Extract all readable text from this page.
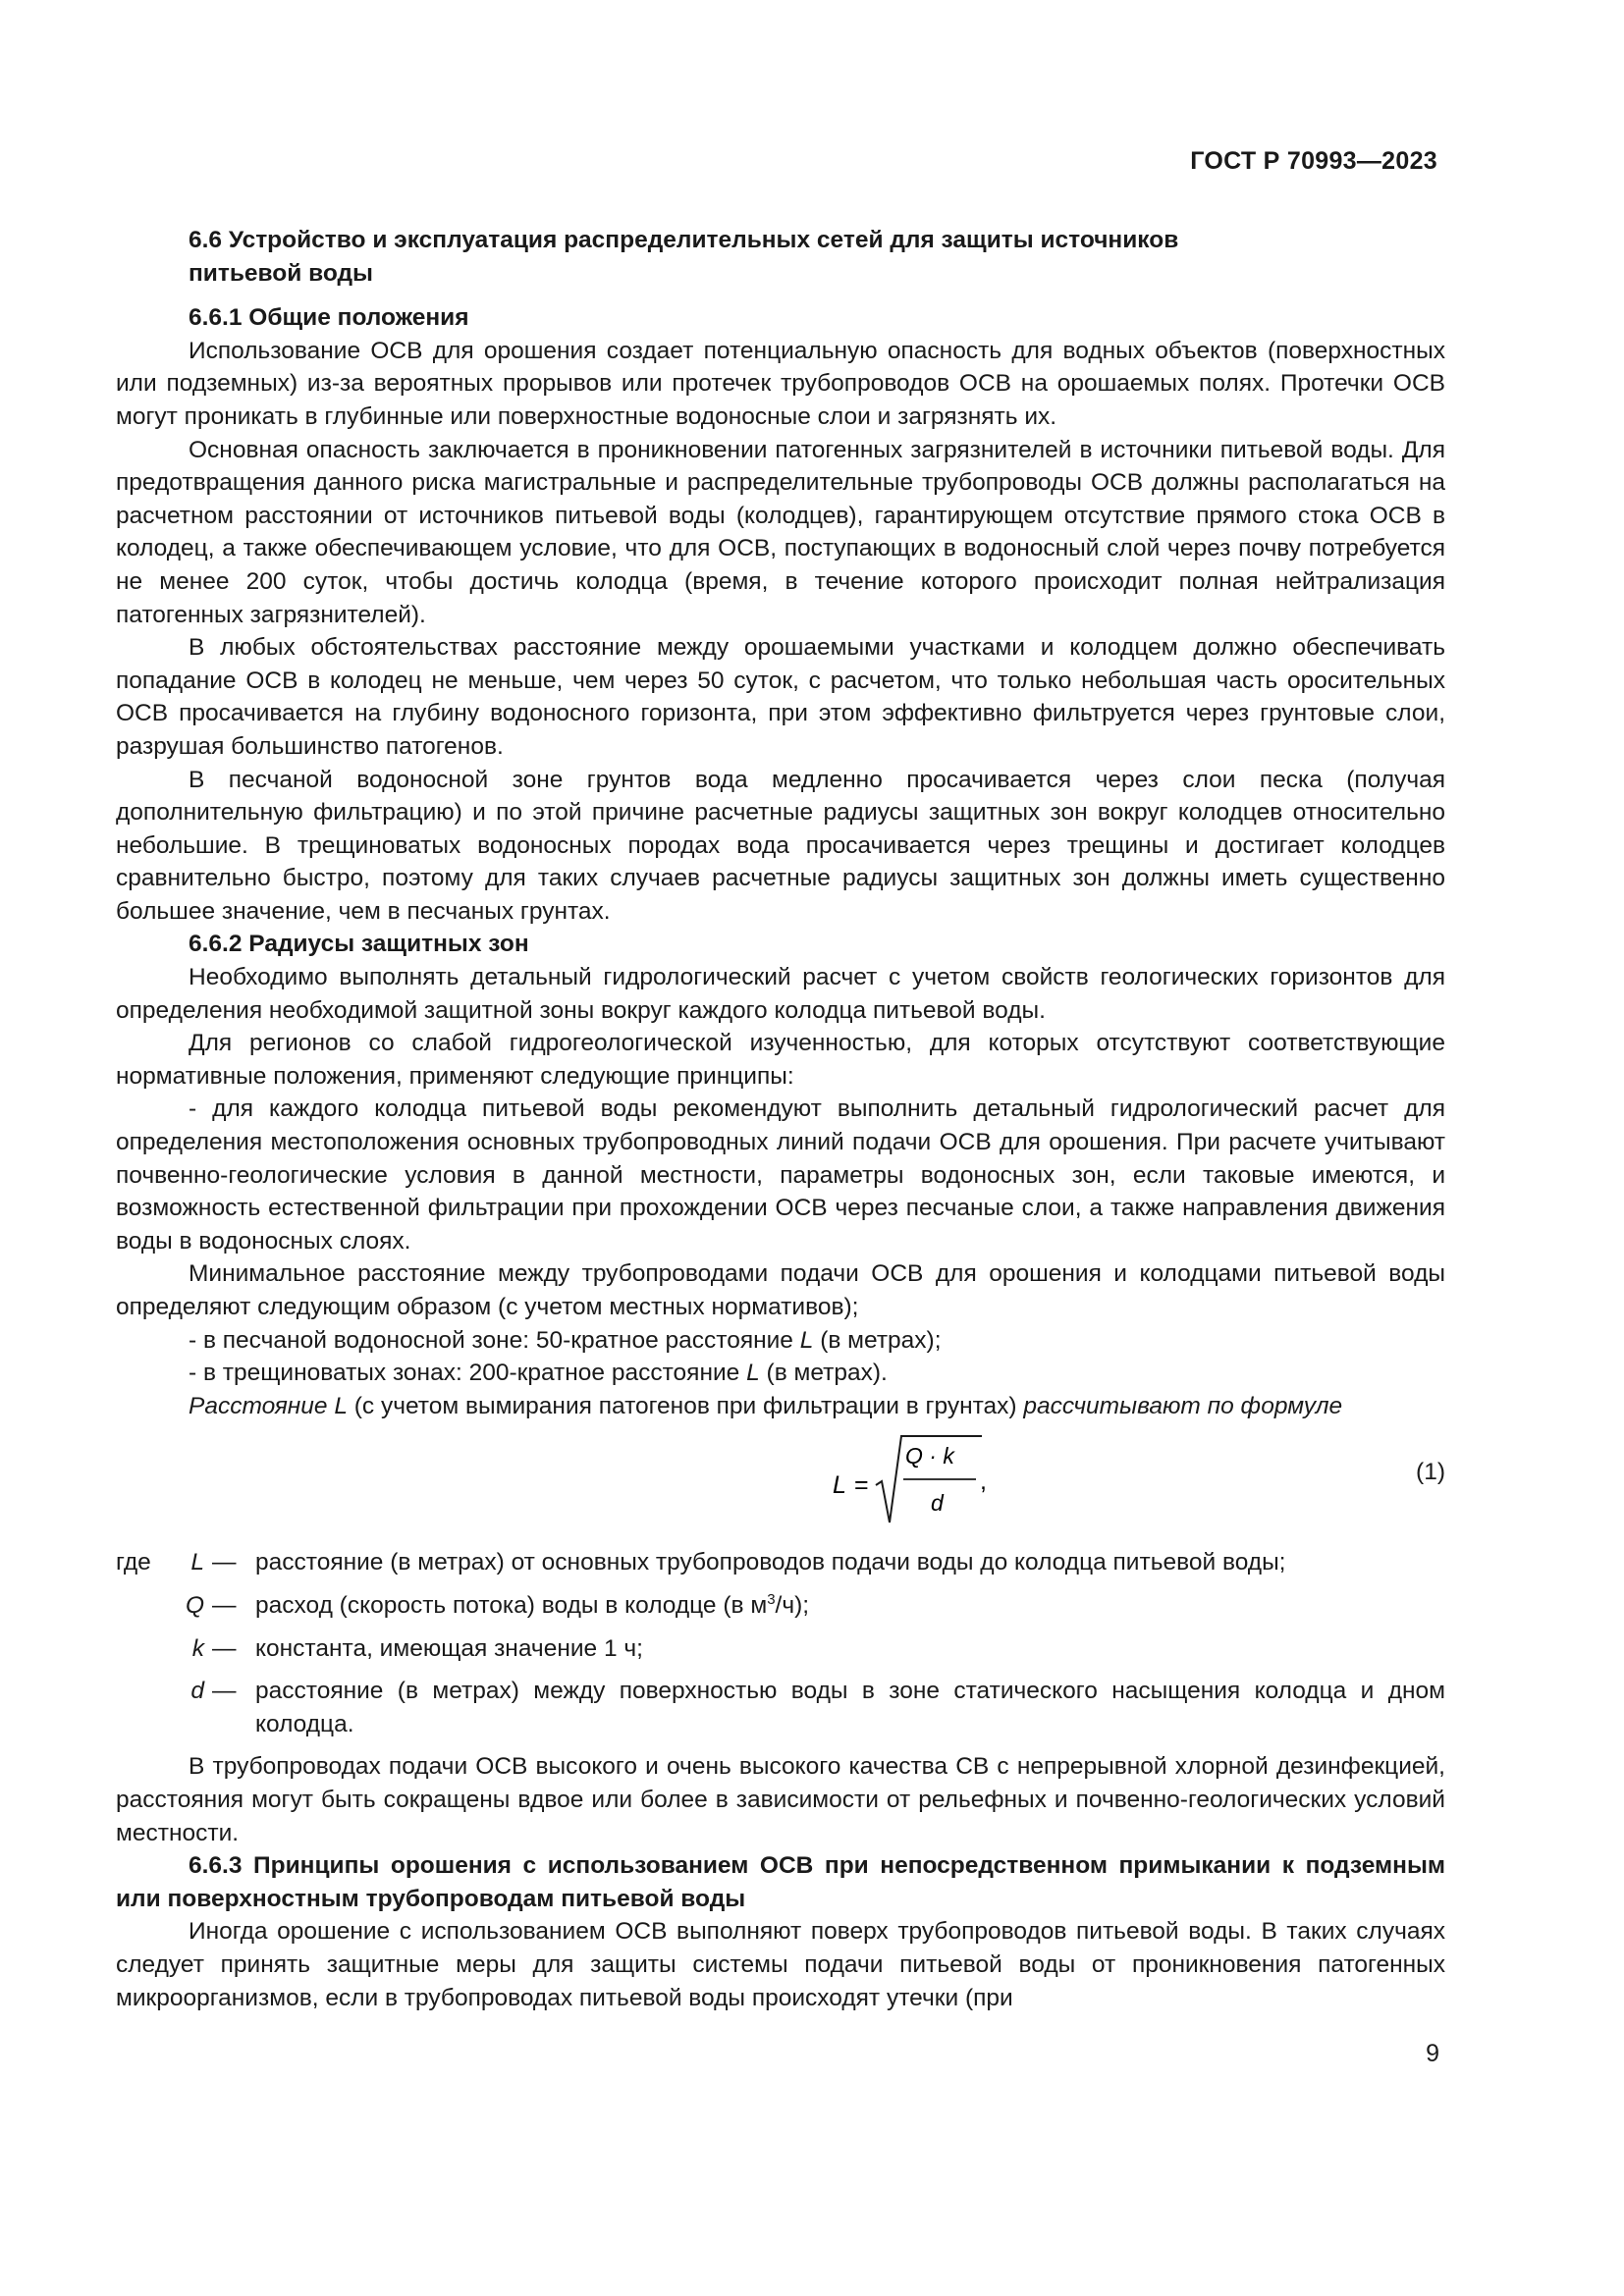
ГОСТ Р 70993—2023
6.6 Устройство и эксплуатация распределительных сетей для защиты источников
питьевой воды
6.6.1 Общие положения

Использование ОСВ для орошения создает потенциальную опасность для водных объектов (поверхностных или подземных) из-за вероятных прорывов или протечек трубопроводов ОСВ на орошаемых полях. Протечки ОСВ могут проникать в глубинные или поверхностные водоносные слои и загрязнять их.

Основная опасность заключается в проникновении патогенных загрязнителей в источники питьевой воды. Для предотвращения данного риска магистральные и распределительные трубопроводы ОСВ должны располагаться на расчетном расстоянии от источников питьевой воды (колодцев), гарантирующем отсутствие прямого стока ОСВ в колодец, а также обеспечивающем условие, что для ОСВ, поступающих в водоносный слой через почву потребуется не менее 200 суток, чтобы достичь колодца (время, в течение которого происходит полная нейтрализация патогенных загрязнителей).

В любых обстоятельствах расстояние между орошаемыми участками и колодцем должно обеспечивать попадание ОСВ в колодец не меньше, чем через 50 суток, с расчетом, что только небольшая часть оросительных ОСВ просачивается на глубину водоносного горизонта, при этом эффективно фильтруется через грунтовые слои, разрушая большинство патогенов.

В песчаной водоносной зоне грунтов вода медленно просачивается через слои песка (получая дополнительную фильтрацию) и по этой причине расчетные радиусы защитных зон вокруг колодцев относительно небольшие. В трещиноватых водоносных породах вода просачивается через трещины и достигает колодцев сравнительно быстро, поэтому для таких случаев расчетные радиусы защитных зон должны иметь существенно большее значение, чем в песчаных грунтах.

6.6.2 Радиусы защитных зон

Необходимо выполнять детальный гидрологический расчет с учетом свойств геологических горизонтов для определения необходимой защитной зоны вокруг каждого колодца питьевой воды.

Для регионов со слабой гидрогеологической изученностью, для которых отсутствуют соответствующие нормативные положения, применяют следующие принципы:

- для каждого колодца питьевой воды рекомендуют выполнить детальный гидрологический расчет для определения местоположения основных трубопроводных линий подачи ОСВ для орошения. При расчете учитывают почвенно-геологические условия в данной местности, параметры водоносных зон, если таковые имеются, и возможность естественной фильтрации при прохождении ОСВ через песчаные слои, а также направления движения воды в водоносных слоях.

Минимальное расстояние между трубопроводами подачи ОСВ для орошения и колодцами питьевой воды определяют следующим образом (с учетом местных нормативов);

- в песчаной водоносной зоне: 50-кратное расстояние L (в метрах);

- в трещиноватых зонах: 200-кратное расстояние L (в метрах).

Расстояние L (с учетом вымирания патогенов при фильтрации в грунтах) рассчитывают по формуле

L =
Q · k
d
,	(1)
где	L — расстояние (в метрах) от основных трубопроводов подачи воды до колодца питьевой воды;
Q — расход (скорость потока) воды в колодце (в $м^3/ч$);
k — константа, имеющая значение 1 ч;
d — расстояние (в метрах) между поверхностью воды в зоне статического насыщения колодца и дном колодца.

В трубопроводах подачи ОСВ высокого и очень высокого качества СВ с непрерывной хлорной дезинфекцией, расстояния могут быть сокращены вдвое или более в зависимости от рельефных и почвенно-геологических условий местности.

6.6.3 Принципы орошения с использованием ОСВ при непосредственном примыкании к подземным или поверхностным трубопроводам питьевой воды

Иногда орошение с использованием ОСВ выполняют поверх трубопроводов питьевой воды. В таких случаях следует принять защитные меры для защиты системы подачи питьевой воды от проникновения патогенных микроорганизмов, если в трубопроводах питьевой воды происходят утечки (при

9
